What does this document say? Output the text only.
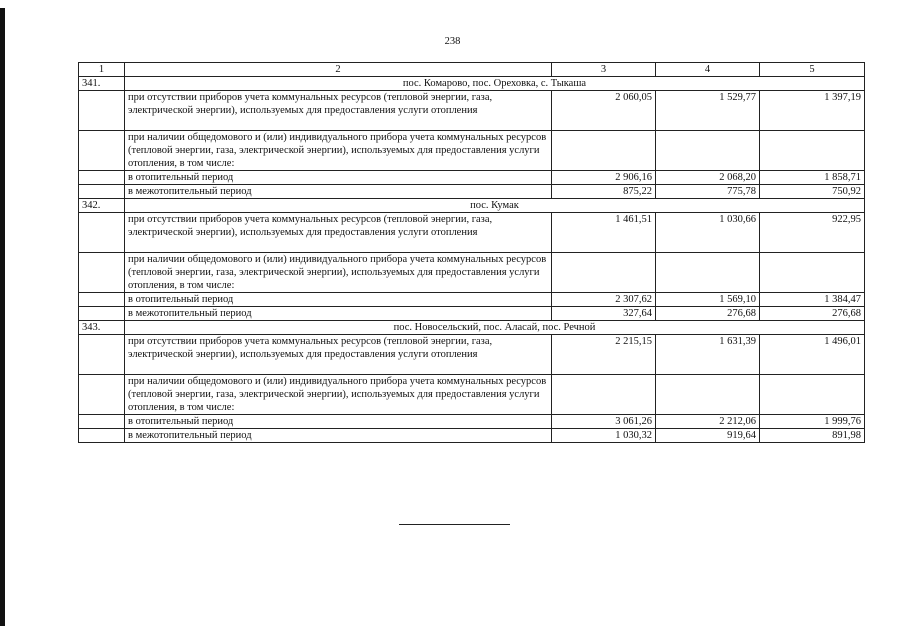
238
1	2	3	4	5
341.	пос. Комарово, пос. Ореховка, с. Тыкаша			
	при отсутствии приборов учета коммунальных ресурсов (тепловой энергии, газа, электрической энергии), используемых для предоставления услуги отопления	2 060,05	1 529,77	1 397,19
	при наличии общедомового и (или) индивидуального прибора учета коммунальных ресурсов (тепловой энергии, газа, электрической энергии), используемых для предоставления услуги отопления, в том числе:			
	в отопительный период	2 906,16	2 068,20	1 858,71
	в межотопительный период	875,22	775,78	750,92
342.	пос. Кумак			
	при отсутствии приборов учета коммунальных ресурсов (тепловой энергии, газа, электрической энергии), используемых для предоставления услуги отопления	1 461,51	1 030,66	922,95
	при наличии общедомового и (или) индивидуального прибора учета коммунальных ресурсов (тепловой энергии, газа, электрической энергии), используемых для предоставления услуги отопления, в том числе:			
	в отопительный период	2 307,62	1 569,10	1 384,47
	в межотопительный период	327,64	276,68	276,68
343.	пос. Новосельский, пос. Аласай, пос. Речной			
	при отсутствии приборов учета коммунальных ресурсов (тепловой энергии, газа, электрической энергии), используемых для предоставления услуги отопления	2 215,15	1 631,39	1 496,01
	при наличии общедомового и (или) индивидуального прибора учета коммунальных ресурсов (тепловой энергии, газа, электрической энергии), используемых для предоставления услуги отопления, в том числе:			
	в отопительный период	3 061,26	2 212,06	1 999,76
	в межотопительный период	1 030,32	919,64	891,98
